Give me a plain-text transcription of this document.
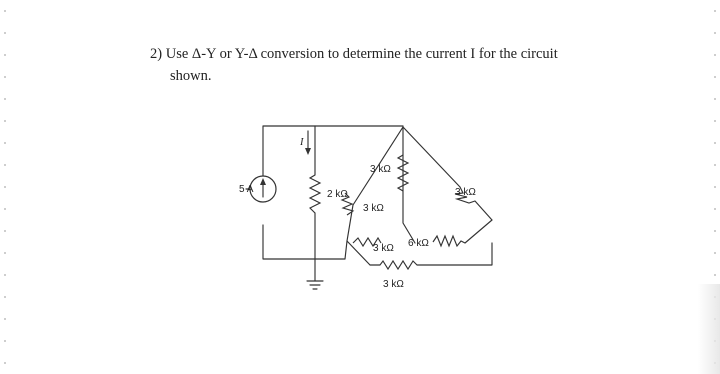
2) Use Δ-Y or Y-Δ conversion to determine the current I for the circuit
shown.
5 A
I
2 kΩ
3 kΩ
3 kΩ
3 kΩ
3 kΩ 6 kΩ
3 kΩ
